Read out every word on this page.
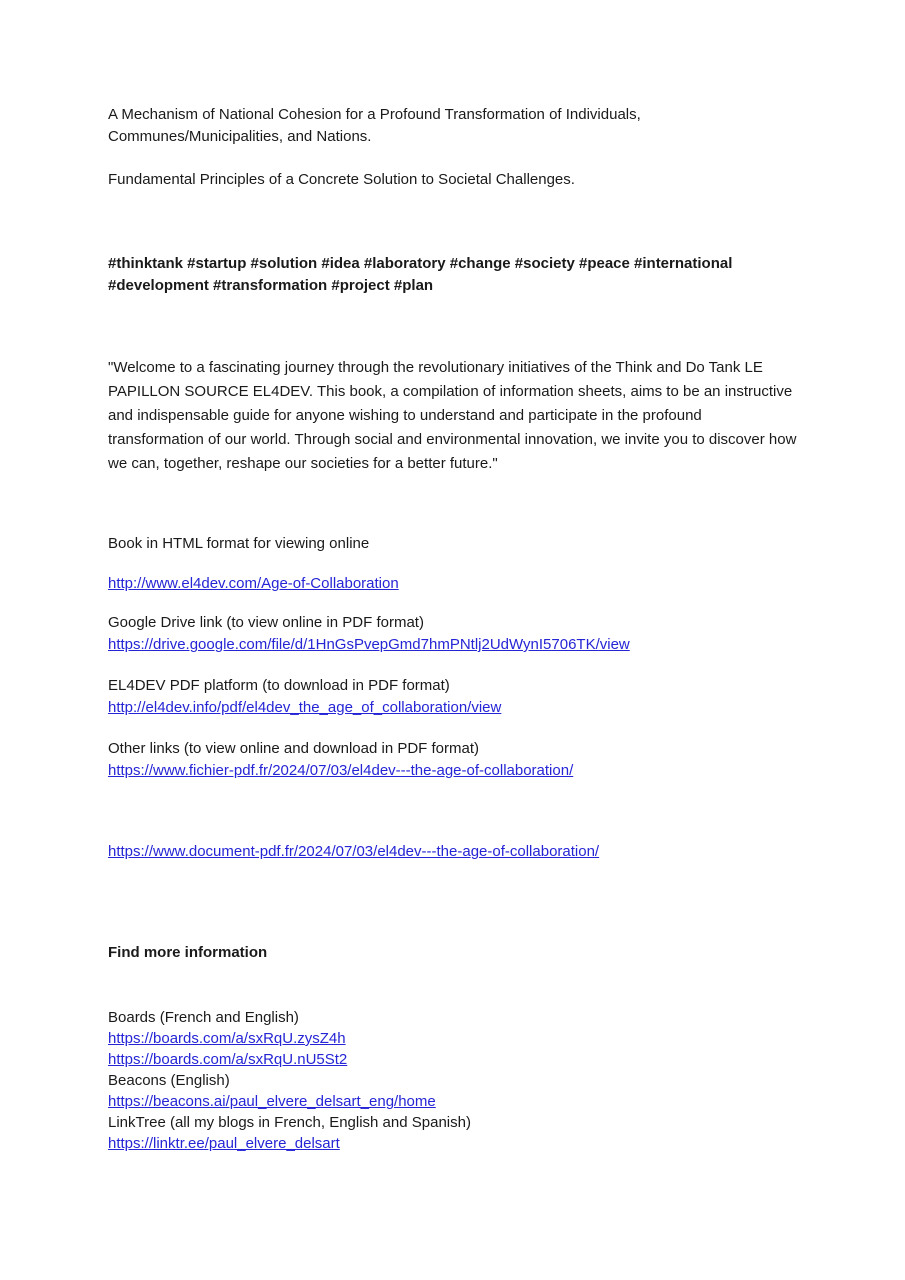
A Mechanism of National Cohesion for a Profound Transformation of Individuals,
Communes/Municipalities, and Nations.
Fundamental Principles of a Concrete Solution to Societal Challenges.
#thinktank #startup #solution #idea #laboratory #change #society #peace #international
#development #transformation #project #plan
"Welcome to a fascinating journey through the revolutionary initiatives of the Think and Do Tank LE
PAPILLON SOURCE EL4DEV. This book, a compilation of information sheets, aims to be an instructive
and indispensable guide for anyone wishing to understand and participate in the profound
transformation of our world. Through social and environmental innovation, we invite you to discover how
we can, together, reshape our societies for a better future."
Book in HTML format for viewing online
http://www.el4dev.com/Age-of-Collaboration
Google Drive link (to view online in PDF format)
https://drive.google.com/file/d/1HnGsPvepGmd7hmPNtlj2UdWynI5706TK/view
EL4DEV PDF platform (to download in PDF format)
http://el4dev.info/pdf/el4dev_the_age_of_collaboration/view
Other links (to view online and download in PDF format)
https://www.fichier-pdf.fr/2024/07/03/el4dev---the-age-of-collaboration/
https://www.document-pdf.fr/2024/07/03/el4dev---the-age-of-collaboration/
Find more information
Boards (French and English)
https://boards.com/a/sxRqU.zysZ4h
https://boards.com/a/sxRqU.nU5St2
Beacons (English)
https://beacons.ai/paul_elvere_delsart_eng/home
LinkTree (all my blogs in French, English and Spanish)
https://linktr.ee/paul_elvere_delsart
